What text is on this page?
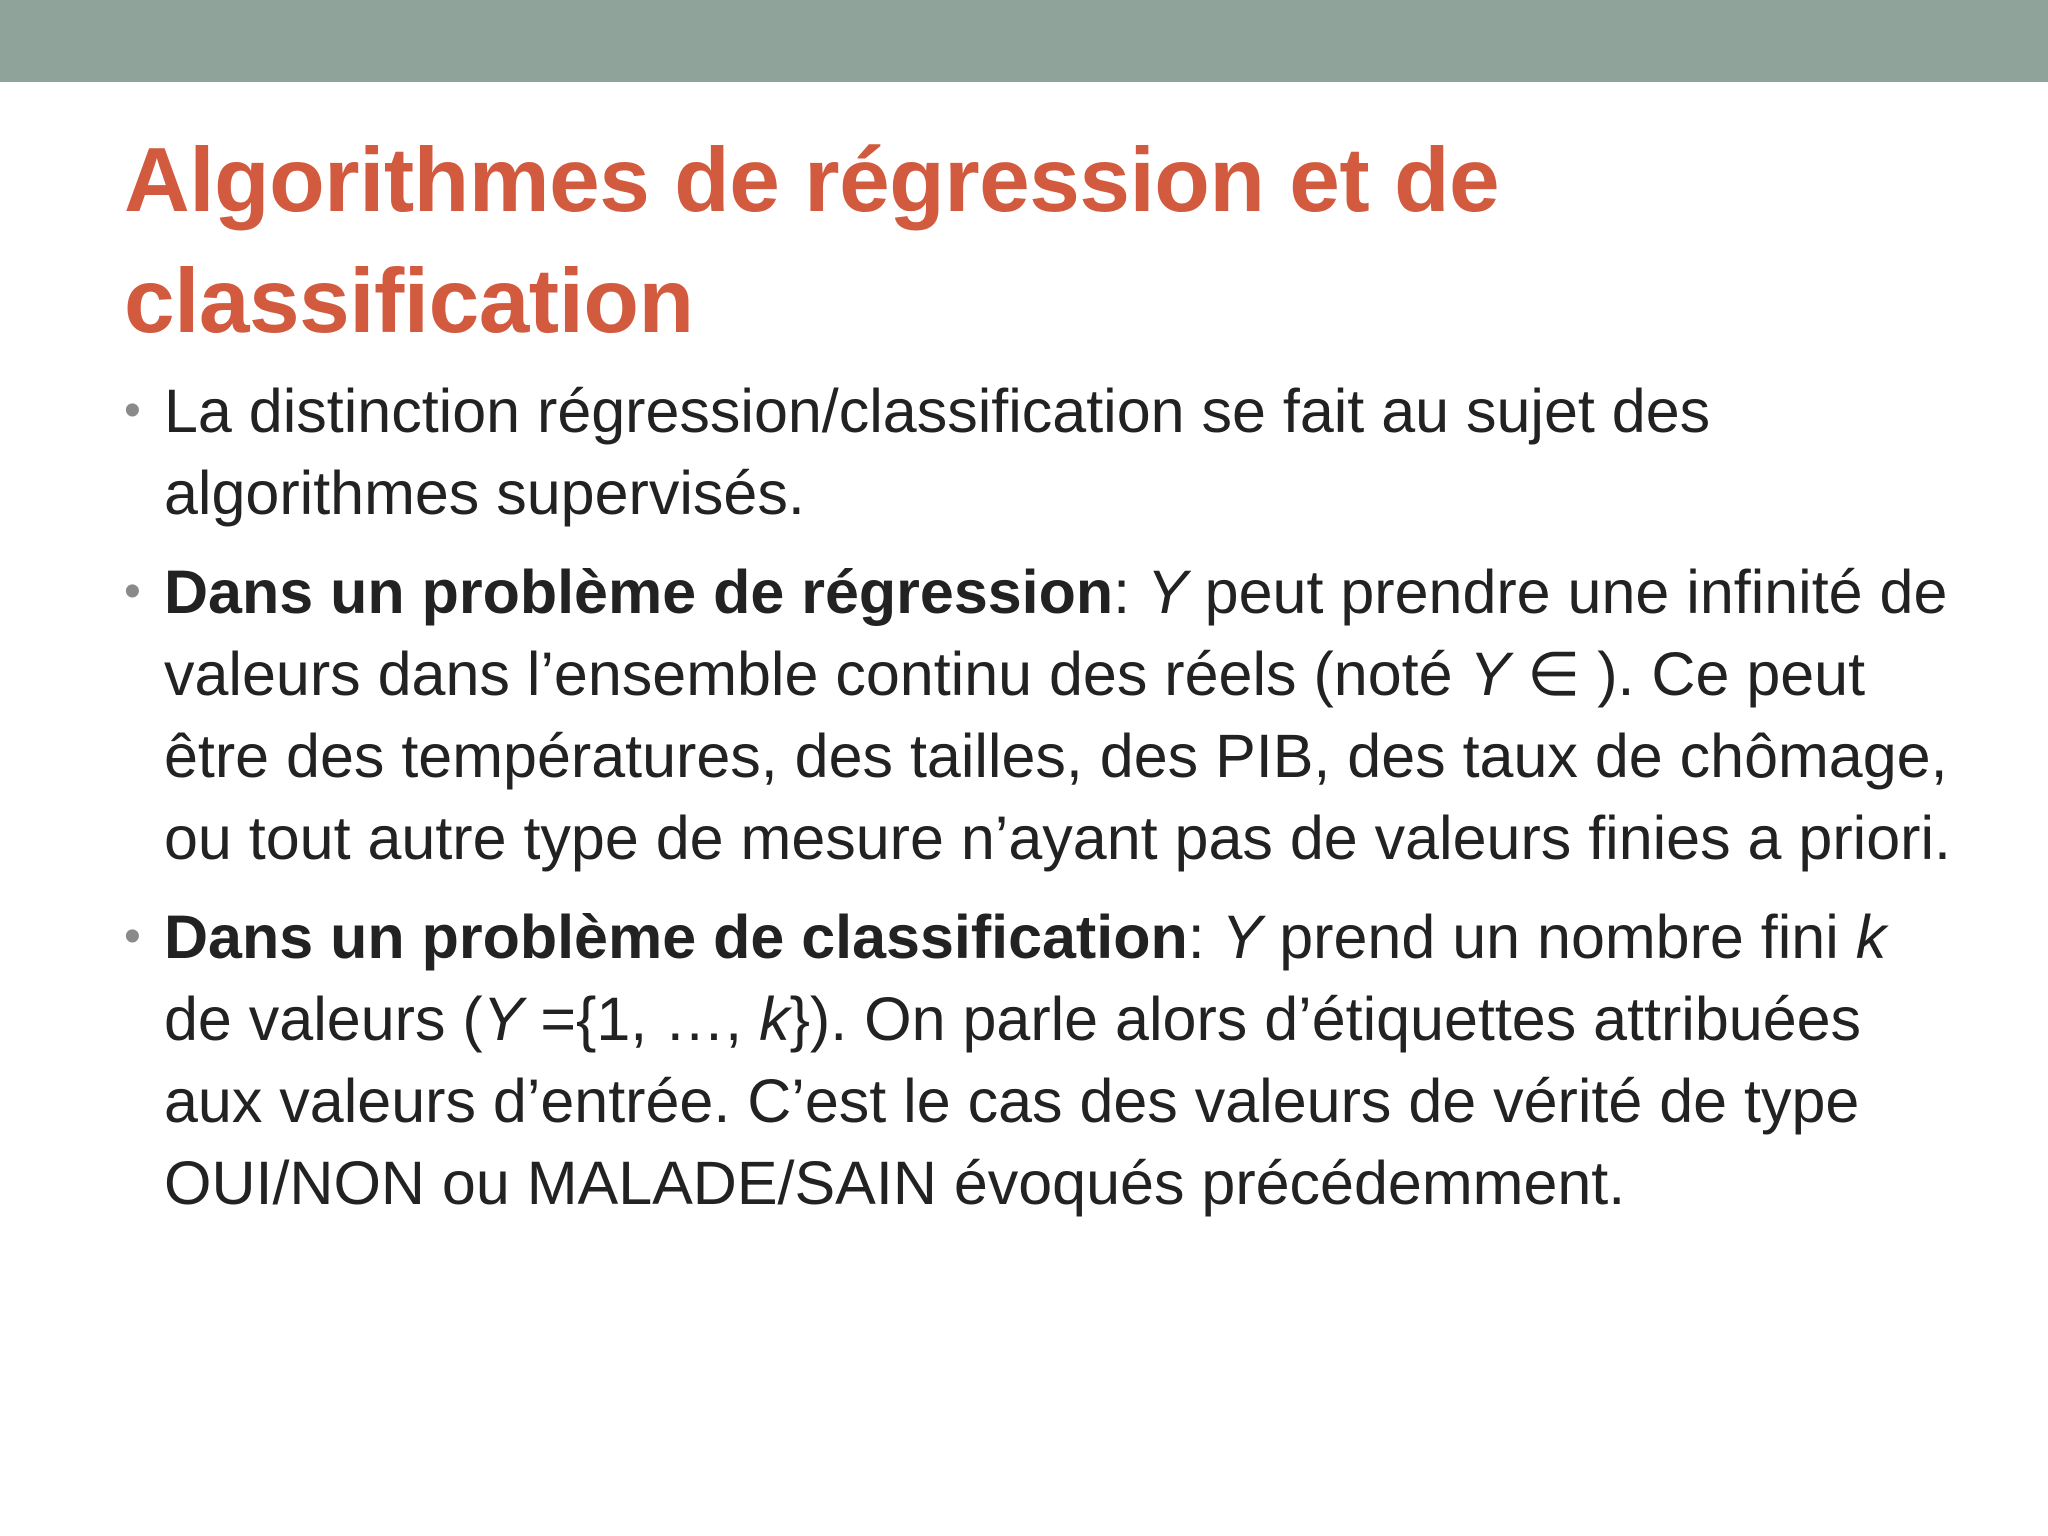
Algorithmes de régression et de classification
• La distinction régression/classification se fait au sujet des algorithmes supervisés.
• Dans un problème de régression: Y peut prendre une infinité de valeurs dans l’ensemble continu des réels (noté Y ∈ ). Ce peut être des températures, des tailles, des PIB, des taux de chômage, ou tout autre type de mesure n’ayant pas de valeurs finies a priori.
• Dans un problème de classification: Y prend un nombre fini k de valeurs (Y ={1, …, k}). On parle alors d’étiquettes attribuées aux valeurs d’entrée. C’est le cas des valeurs de vérité de type OUI/NON ou MALADE/SAIN évoqués précédemment.
